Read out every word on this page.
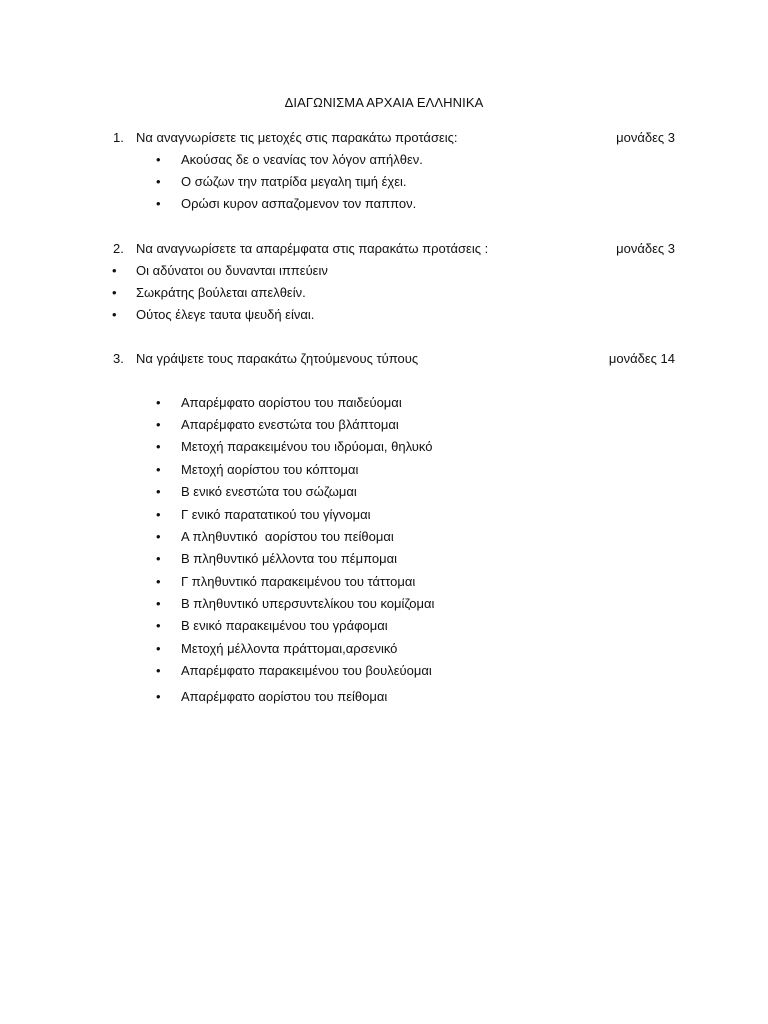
ΔΙΑΓΩΝΙΣΜΑ ΑΡΧΑΙΑ ΕΛΛΗΝΙΚΑ
1. Να αναγνωρίσετε τις μετοχές στις παρακάτω προτάσεις:	μονάδες 3
• Ακούσας δε ο νεανίας τον λόγον απήλθεν.
• Ο σώζων την πατρίδα μεγαλη τιμή έχει.
• Ορώσι κυρον ασπαζομενον τον παππον.
2. Να αναγνωρίσετε τα απαρέμφατα στις παρακάτω προτάσεις :	μονάδες 3
• Οι αδύνατοι ου δυνανται ιππεύειν
• Σωκράτης βούλεται απελθείν.
• Ούτος έλεγε ταυτα ψευδή είναι.
3. Να γράψετε τους παρακάτω ζητούμενους τύπους	μονάδες 14
• Απαρέμφατο αορίστου του παιδεύομαι
• Απαρέμφατο ενεστώτα του βλάπτομαι
• Μετοχή παρακειμένου του ιδρύομαι, θηλυκό
• Μετοχή αορίστου του κόπτομαι
• Β ενικό ενεστώτα του σώζωμαι
• Γ ενικό παρατατικού του γίγνομαι
• Α πληθυντικό  αορίστου του πείθομαι
• Β πληθυντικό μέλλοντα του πέμπομαι
• Γ πληθυντικό παρακειμένου του τάττομαι
• Β πληθυντικό υπερσυντελίκου του κομίζομαι
• Β ενικό παρακειμένου του γράφομαι
• Μετοχή μέλλοντα πράττομαι,αρσενικό
• Απαρέμφατο παρακειμένου του βουλεύομαι
• Απαρέμφατο αορίστου του πείθομαι
